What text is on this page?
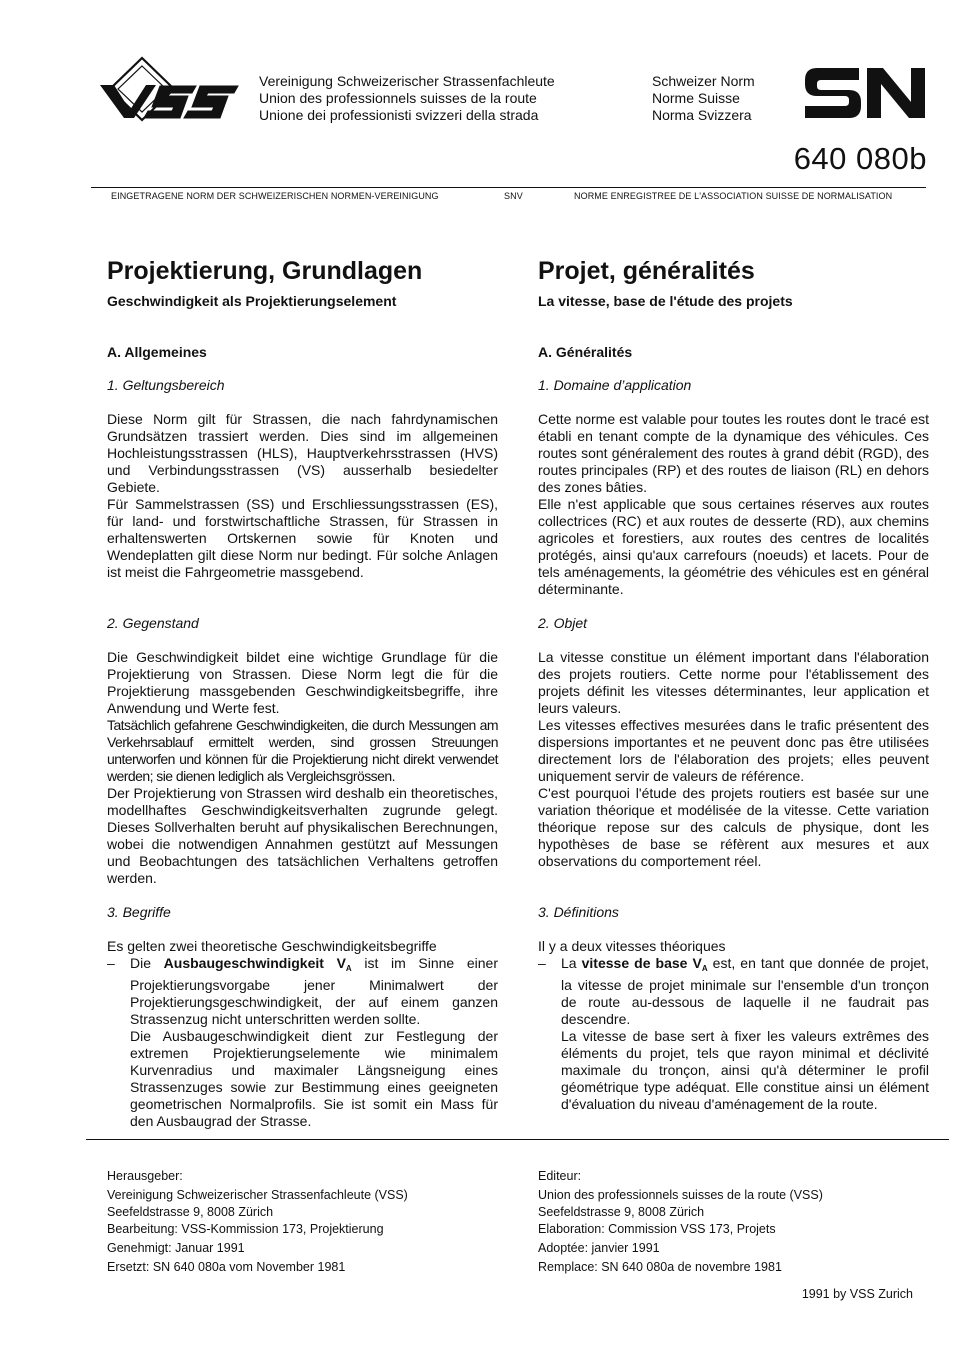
VSS
Vereinigung Schweizerischer Strassenfachleute
Union des professionnels suisses de la route
Unione dei professionisti svizzeri della strada
Schweizer Norm
Norme Suisse
Norma Svizzera
SN
640 080b
EINGETRAGENE NORM DER SCHWEIZERISCHEN NORMEN-VEREINIGUNG	SNV	NORME ENREGISTREE DE L'ASSOCIATION SUISSE DE NORMALISATION
Projektierung, Grundlagen
Geschwindigkeit als Projektierungselement
A. Allgemeines
1. Geltungsbereich
Diese Norm gilt für Strassen, die nach fahrdynamischen Grundsätzen trassiert werden. Dies sind im allgemeinen Hochleistungsstrassen (HLS), Hauptverkehrsstrassen (HVS) und Verbindungsstrassen (VS) ausserhalb besiedelter Gebiete.
Für Sammelstrassen (SS) und Erschliessungsstrassen (ES), für land- und forstwirtschaftliche Strassen, für Strassen in erhaltenswerten Ortskernen sowie für Knoten und Wendeplatten gilt diese Norm nur bedingt. Für solche Anlagen ist meist die Fahrgeometrie massgebend.
2. Gegenstand
Die Geschwindigkeit bildet eine wichtige Grundlage für die Projektierung von Strassen. Diese Norm legt die für die Projektierung massgebenden Geschwindigkeitsbegriffe, ihre Anwendung und Werte fest.
Tatsächlich gefahrene Geschwindigkeiten, die durch Messungen am Verkehrsablauf ermittelt werden, sind grossen Streuungen unterworfen und können für die Projektierung nicht direkt verwendet werden; sie dienen lediglich als Vergleichsgrössen.
Der Projektierung von Strassen wird deshalb ein theoretisches, modellhaftes Geschwindigkeitsverhalten zugrunde gelegt. Dieses Sollverhalten beruht auf physikalischen Berechnungen, wobei die notwendigen Annahmen gestützt auf Messungen und Beobachtungen des tatsächlichen Verhaltens getroffen werden.
3. Begriffe
Es gelten zwei theoretische Geschwindigkeitsbegriffe
– Die Ausbaugeschwindigkeit $V_A$ ist im Sinne einer Projektierungsvorgabe jener Minimalwert der Projektierungsgeschwindigkeit, der auf einem ganzen Strassenzug nicht unterschritten werden sollte.
Die Ausbaugeschwindigkeit dient zur Festlegung der extremen Projektierungselemente wie minimalem Kurvenradius und maximaler Längsneigung eines Strassenzuges sowie zur Bestimmung eines geeigneten geometrischen Normalprofils. Sie ist somit ein Mass für den Ausbaugrad der Strasse.
Projet, généralités
La vitesse, base de l'étude des projets
A. Généralités
1. Domaine d’application
Cette norme est valable pour toutes les routes dont le tracé est établi en tenant compte de la dynamique des véhicules. Ces routes sont généralement des routes à grand débit (RGD), des routes principales (RP) et des routes de liaison (RL) en dehors des zones bâties.
Elle n'est applicable que sous certaines réserves aux routes collectrices (RC) et aux routes de desserte (RD), aux chemins agricoles et forestiers, aux routes des centres de localités protégés, ainsi qu'aux carrefours (noeuds) et lacets. Pour de tels aménagements, la géométrie des véhicules est en général déterminante.
2. Objet
La vitesse constitue un élément important dans l'élaboration des projets routiers. Cette norme pour l'établissement des projets définit les vitesses déterminantes, leur application et leurs valeurs.
Les vitesses effectives mesurées dans le trafic présentent des dispersions importantes et ne peuvent donc pas être utilisées directement lors de l'élaboration des projets; elles peuvent uniquement servir de valeurs de référence.
C'est pourquoi l'étude des projets routiers est basée sur une variation théorique et modélisée de la vitesse. Cette variation théorique repose sur des calculs de physique, dont les hypothèses de base se réfèrent aux mesures et aux observations du comportement réel.
3. Définitions
Il y a deux vitesses théoriques
– La vitesse de base $V_A$ est, en tant que donnée de projet, la vitesse de projet minimale sur l'ensemble d'un tronçon de route au-dessous de laquelle il ne faudrait pas descendre.
La vitesse de base sert à fixer les valeurs extrêmes des éléments du projet, tels que rayon minimal et déclivité maximale du tronçon, ainsi qu'à déterminer le profil géométrique type adéquat. Elle constitue ainsi un élément d'évaluation du niveau d'aménagement de la route.
Herausgeber:
Vereinigung Schweizerischer Strassenfachleute (VSS)
Seefeldstrasse 9, 8008 Zürich
Bearbeitung: VSS-Kommission 173, Projektierung
Genehmigt: Januar 1991
Ersetzt: SN 640 080a vom November 1981
Editeur:
Union des professionnels suisses de la route (VSS)
Seefeldstrasse 9, 8008 Zürich
Elaboration: Commission VSS 173, Projets
Adoptée: janvier 1991
Remplace: SN 640 080a de novembre 1981
1991 by VSS Zurich
